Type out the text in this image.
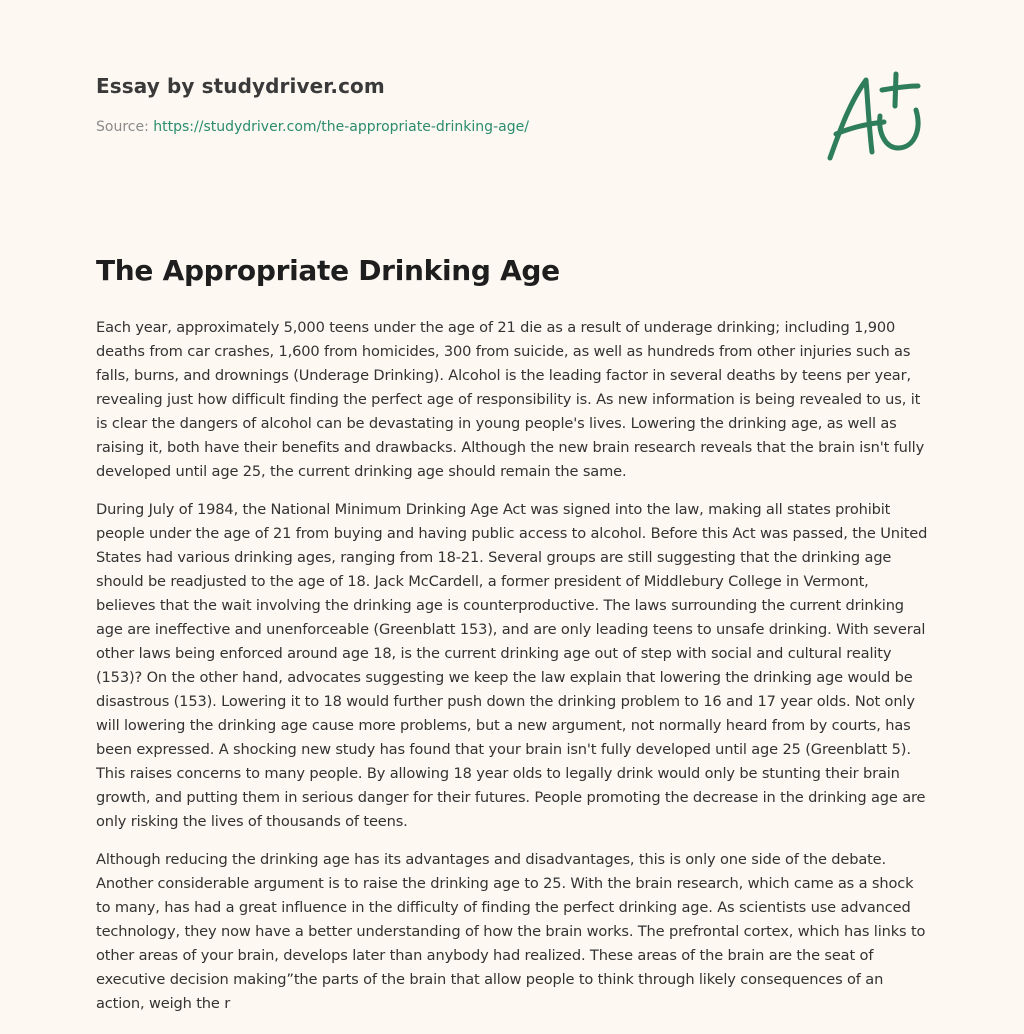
Essay by studydriver.com
Source: https://studydriver.com/the-appropriate-drinking-age/
The Appropriate Drinking Age

Each year, approximately 5,000 teens under the age of 21 die as a result of underage drinking; including 1,900 deaths from car crashes, 1,600 from homicides, 300 from suicide, as well as hundreds from other injuries such as falls, burns, and drownings (Underage Drinking). Alcohol is the leading factor in several deaths by teens per year, revealing just how difficult finding the perfect age of responsibility is. As new information is being revealed to us, it is clear the dangers of alcohol can be devastating in young people's lives. Lowering the drinking age, as well as raising it, both have their benefits and drawbacks. Although the new brain research reveals that the brain isn't fully developed until age 25, the current drinking age should remain the same.

During July of 1984, the National Minimum Drinking Age Act was signed into the law, making all states prohibit people under the age of 21 from buying and having public access to alcohol. Before this Act was passed, the United States had various drinking ages, ranging from 18-21. Several groups are still suggesting that the drinking age should be readjusted to the age of 18. Jack McCardell, a former president of Middlebury College in Vermont, believes that the wait involving the drinking age is counterproductive. The laws surrounding the current drinking age are ineffective and unenforceable (Greenblatt 153), and are only leading teens to unsafe drinking. With several other laws being enforced around age 18, is the current drinking age out of step with social and cultural reality (153)? On the other hand, advocates suggesting we keep the law explain that lowering the drinking age would be disastrous (153). Lowering it to 18 would further push down the drinking problem to 16 and 17 year olds. Not only will lowering the drinking age cause more problems, but a new argument, not normally heard from by courts, has been expressed. A shocking new study has found that your brain isn't fully developed until age 25 (Greenblatt 5). This raises concerns to many people. By allowing 18 year olds to legally drink would only be stunting their brain growth, and putting them in serious danger for their futures. People promoting the decrease in the drinking age are only risking the lives of thousands of teens.

Although reducing the drinking age has its advantages and disadvantages, this is only one side of the debate. Another considerable argument is to raise the drinking age to 25. With the brain research, which came as a shock to many, has had a great influence in the difficulty of finding the perfect drinking age. As scientists use advanced technology, they now have a better understanding of how the brain works. The prefrontal cortex, which has links to other areas of your brain, develops later than anybody had realized. These areas of the brain are the seat of executive decision making”the parts of the brain that allow people to think through likely consequences of an action, weigh the r
